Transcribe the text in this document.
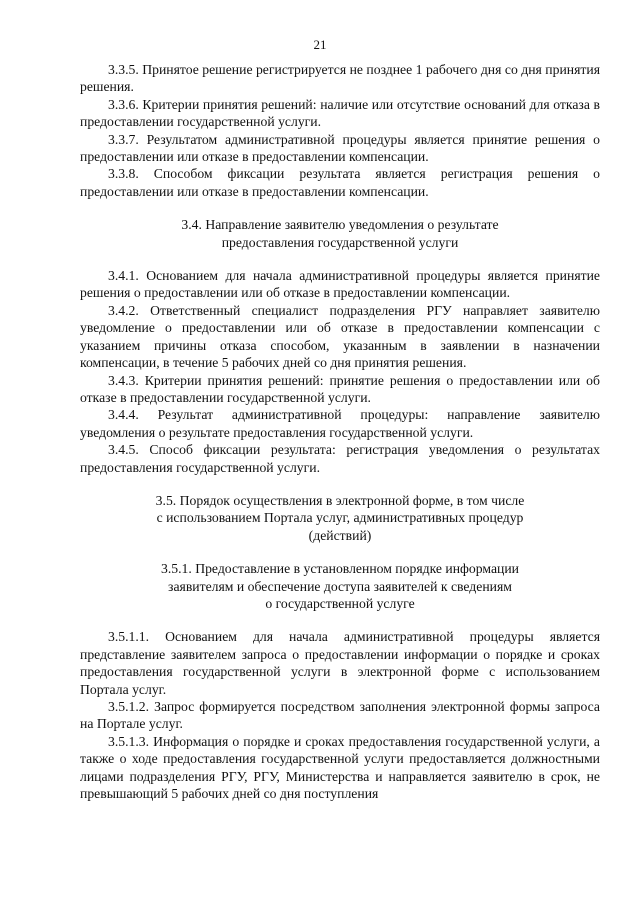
21

3.3.5. Принятое решение регистрируется не позднее 1 рабочего дня со дня принятия решения.

3.3.6. Критерии принятия решений: наличие или отсутствие оснований для отказа в предоставлении государственной услуги.

3.3.7. Результатом административной процедуры является принятие решения о предоставлении или отказе в предоставлении компенсации.

3.3.8. Способом фиксации результата является регистрация решения о предоставлении или отказе в предоставлении компенсации.

3.4. Направление заявителю уведомления о результате
предоставления государственной услуги

3.4.1. Основанием для начала административной процедуры является принятие решения о предоставлении или об отказе в предоставлении компенсации.

3.4.2. Ответственный специалист подразделения РГУ направляет заявителю уведомление о предоставлении или об отказе в предоставлении компенсации с указанием причины отказа способом, указанным в заявлении в назначении компенсации, в течение 5 рабочих дней со дня принятия решения.

3.4.3. Критерии принятия решений: принятие решения о предоставлении или об отказе в предоставлении государственной услуги.

3.4.4. Результат административной процедуры: направление заявителю уведомления о результате предоставления государственной услуги.

3.4.5. Способ фиксации результата: регистрация уведомления о результатах предоставления государственной услуги.

3.5. Порядок осуществления в электронной форме, в том числе
с использованием Портала услуг, административных процедур
(действий)
3.5.1. Предоставление в установленном порядке информации
заявителям и обеспечение доступа заявителей к сведениям
о государственной услуге

3.5.1.1. Основанием для начала административной процедуры является представление заявителем запроса о предоставлении информации о порядке и сроках предоставления государственной услуги в электронной форме с использованием Портала услуг.

3.5.1.2. Запрос формируется посредством заполнения электронной формы запроса на Портале услуг.

3.5.1.3. Информация о порядке и сроках предоставления государственной услуги, а также о ходе предоставления государственной услуги предоставляется должностными лицами подразделения РГУ, РГУ, Министерства и направляется заявителю в срок, не превышающий 5 рабочих дней со дня поступления
